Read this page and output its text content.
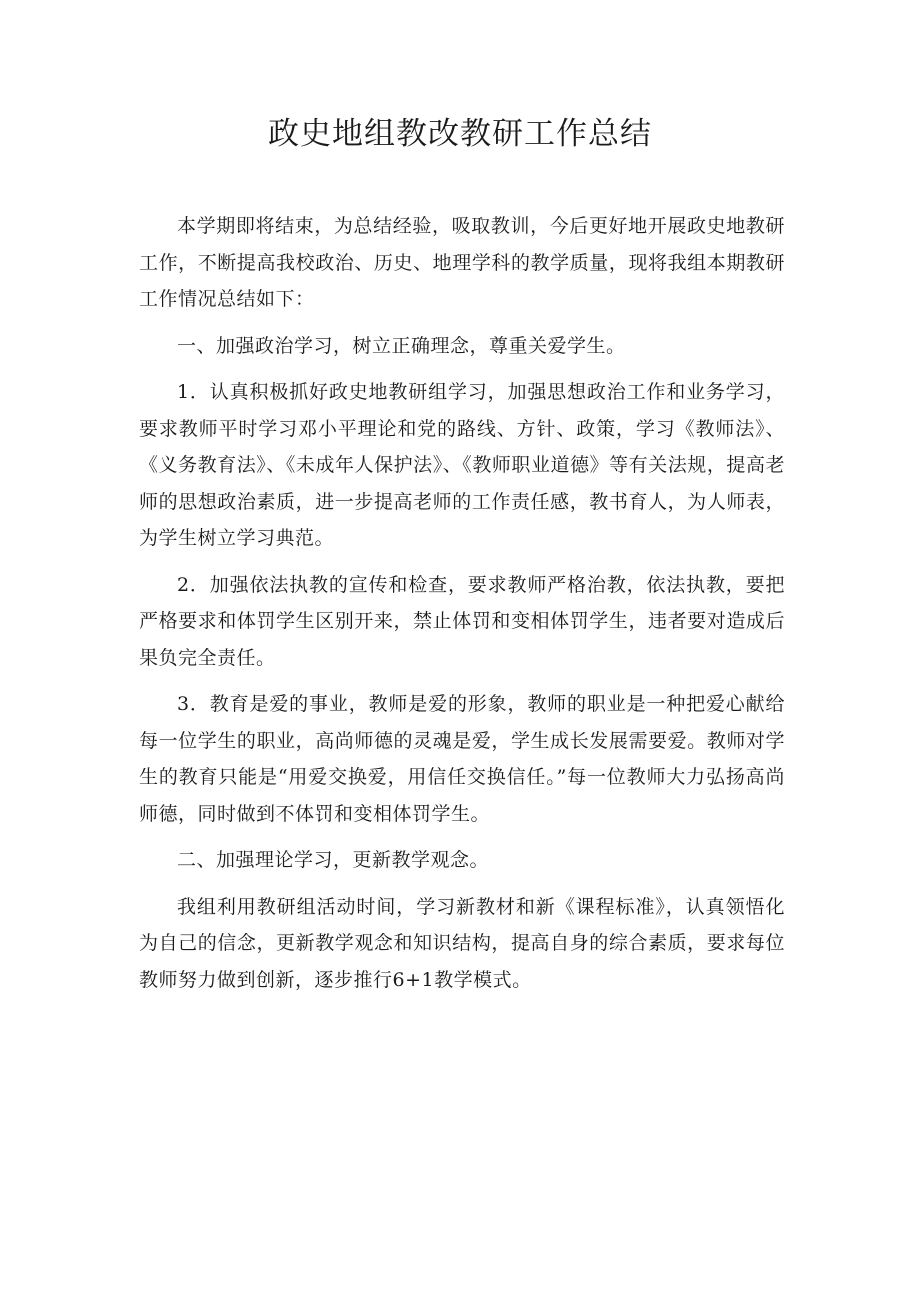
政史地组教改教研工作总结

本学期即将结束，为总结经验，吸取教训，今后更好地开展政史地教研工作，不断提高我校政治、历史、地理学科的教学质量，现将我组本期教研工作情况总结如下：

一、加强政治学习，树立正确理念，尊重关爱学生。

1．认真积极抓好政史地教研组学习，加强思想政治工作和业务学习，要求教师平时学习邓小平理论和党的路线、方针、政策，学习《教师法》、《义务教育法》、《未成年人保护法》、《教师职业道德》等有关法规，提高老师的思想政治素质，进一步提高老师的工作责任感，教书育人，为人师表，为学生树立学习典范。

2．加强依法执教的宣传和检查，要求教师严格治教，依法执教，要把严格要求和体罚学生区别开来，禁止体罚和变相体罚学生，违者要对造成后果负完全责任。

3．教育是爱的事业，教师是爱的形象，教师的职业是一种把爱心献给每一位学生的职业，高尚师德的灵魂是爱，学生成长发展需要爱。教师对学生的教育只能是“用爱交换爱，用信任交换信任。”每一位教师大力弘扬高尚师德，同时做到不体罚和变相体罚学生。

二、加强理论学习，更新教学观念。

我组利用教研组活动时间，学习新教材和新《课程标准》，认真领悟化为自己的信念，更新教学观念和知识结构，提高自身的综合素质，要求每位教师努力做到创新，逐步推行6+1教学模式。
